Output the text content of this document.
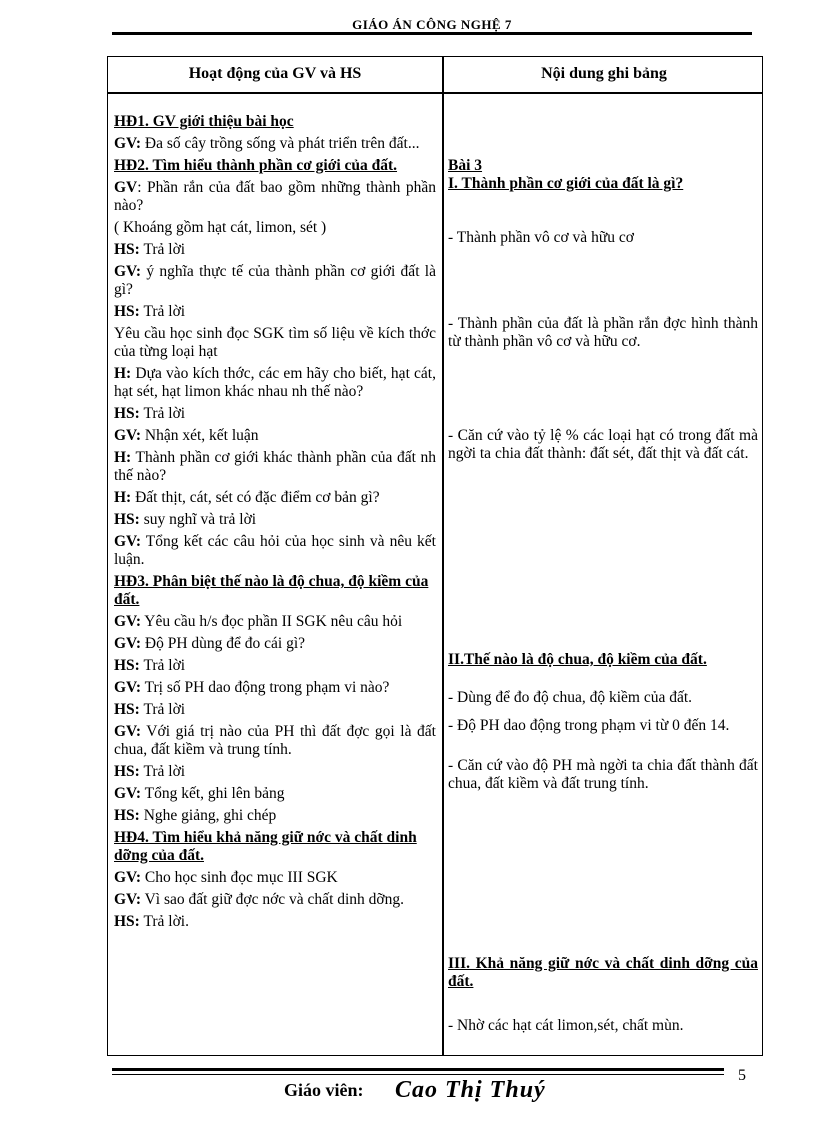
GIÁO ÁN CÔNG NGHỆ 7
Hoạt động của GV và HS	Nội dung ghi bảng
HĐ1. GV giới thiệu bài học
GV: Đa số cây trồng sống và phát triển trên đất...
HĐ2. Tìm hiểu thành phần cơ giới của đất.
GV: Phần rắn của đất bao gồm những thành phần nào?
( Khoáng gồm hạt cát, limon, sét )
HS: Trả lời
GV: ý nghĩa thực tế của thành phần cơ giới đất là gì?
HS: Trả lời
Yêu cầu học sinh đọc SGK tìm số liệu về kích thớc của từng loại hạt
H: Dựa vào kích thớc, các em hãy cho biết, hạt cát, hạt sét, hạt limon khác nhau nh thế nào?
HS: Trả lời
GV: Nhận xét, kết luận
H: Thành phần cơ giới khác thành phần của đất nh thế nào?
H: Đất thịt, cát, sét có đặc điểm cơ bản gì?
HS: suy nghĩ và trả lời
GV: Tổng kết các câu hỏi của học sinh và nêu kết luận.
HĐ3. Phân biệt thế nào là độ chua, độ kiềm của đất.
GV: Yêu cầu h/s đọc phần II SGK nêu câu hỏi
GV: Độ PH dùng để đo cái gì?
HS: Trả lời
GV: Trị số PH dao động trong phạm vi nào?
HS: Trả lời
GV: Với giá trị nào của PH thì đất đợc gọi là đất chua, đất kiềm và trung tính.
HS: Trả lời
GV: Tổng kết, ghi lên bảng
HS: Nghe giảng, ghi chép
HĐ4. Tìm hiểu khả năng giữ nớc và chất dinh dỡng của đất.
GV: Cho học sinh đọc mục III SGK
GV: Vì sao đất giữ đợc nớc và chất dinh dỡng.
HS: Trả lời.
Bài 3
I. Thành phần cơ giới của đất là gì?
- Thành phần vô cơ và hữu cơ
- Thành phần của đất là phần rắn đợc hình thành từ thành phần vô cơ và hữu cơ.
- Căn cứ vào tỷ lệ % các loại hạt có trong đất mà ngời ta chia đất thành: đất sét, đất thịt và đất cát.
II.Thế nào là độ chua, độ kiềm của đất.
- Dùng để đo độ chua, độ kiềm của đất.
- Độ PH dao động trong phạm vi từ 0 đến 14.
- Căn cứ vào độ PH mà ngời ta chia đất thành đất chua, đất kiềm và đất trung tính.
III. Khả năng giữ nớc và chất dinh dỡng của đất.
- Nhờ các hạt cát limon,sét, chất mùn.
5
Giáo viên: Cao Thị Thuý
